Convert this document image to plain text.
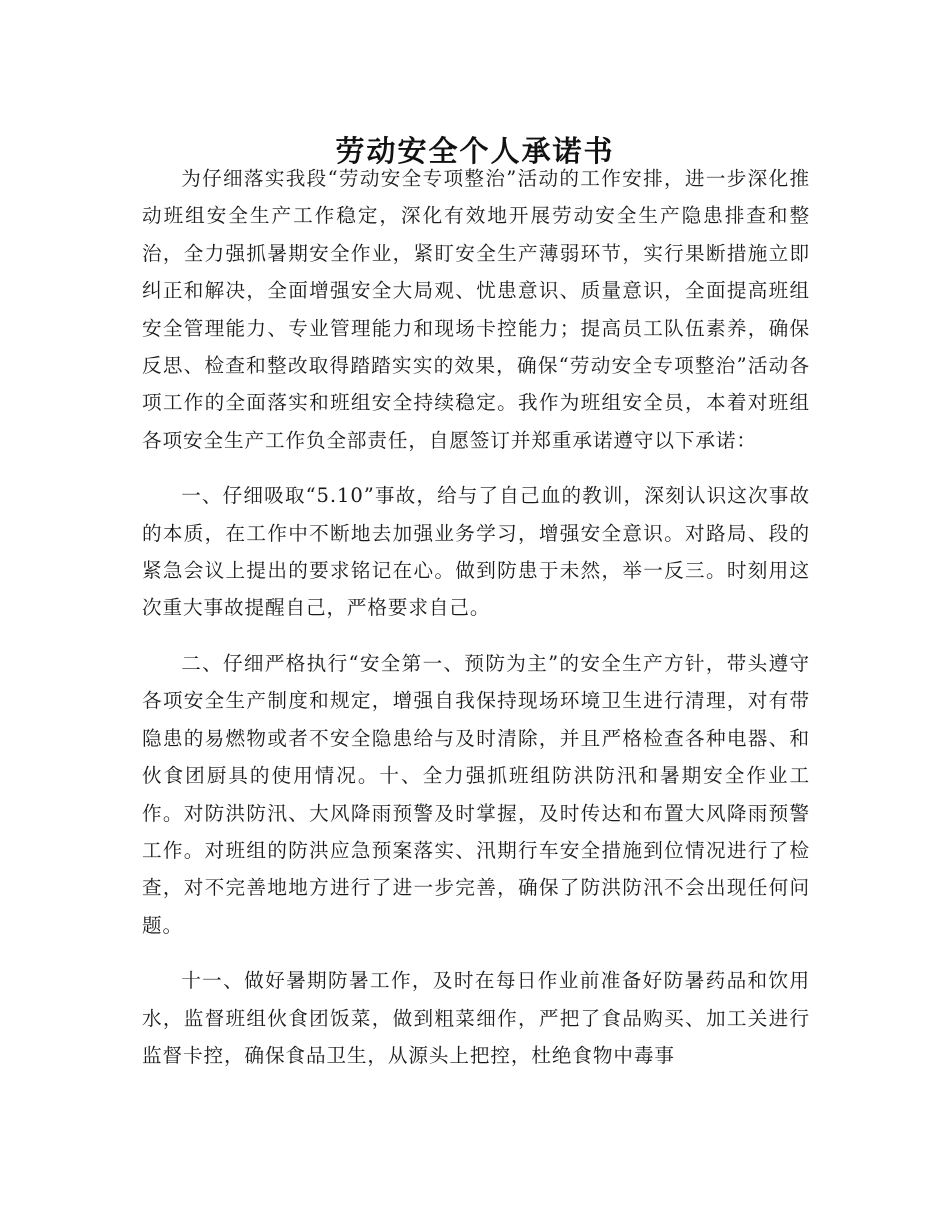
劳动安全个人承诺书

为仔细落实我段“劳动安全专项整治”活动的工作安排，进一步深化推动班组安全生产工作稳定，深化有效地开展劳动安全生产隐患排查和整治，全力强抓暑期安全作业，紧盯安全生产薄弱环节，实行果断措施立即纠正和解决，全面增强安全大局观、忧患意识、质量意识，全面提高班组安全管理能力、专业管理能力和现场卡控能力；提高员工队伍素养，确保反思、检查和整改取得踏踏实实的效果，确保“劳动安全专项整治”活动各项工作的全面落实和班组安全持续稳定。我作为班组安全员，本着对班组各项安全生产工作负全部责任，自愿签订并郑重承诺遵守以下承诺：

一、仔细吸取“5.10”事故，给与了自己血的教训，深刻认识这次事故的本质，在工作中不断地去加强业务学习，增强安全意识。对路局、段的紧急会议上提出的要求铭记在心。做到防患于未然，举一反三。时刻用这次重大事故提醒自己，严格要求自己。

二、仔细严格执行“安全第一、预防为主”的安全生产方针，带头遵守各项安全生产制度和规定，增强自我保持现场环境卫生进行清理，对有带隐患的易燃物或者不安全隐患给与及时清除，并且严格检查各种电器、和伙食团厨具的使用情况。十、全力强抓班组防洪防汛和暑期安全作业工作。对防洪防汛、大风降雨预警及时掌握，及时传达和布置大风降雨预警工作。对班组的防洪应急预案落实、汛期行车安全措施到位情况进行了检查，对不完善地地方进行了进一步完善，确保了防洪防汛不会出现任何问题。

十一、做好暑期防暑工作，及时在每日作业前准备好防暑药品和饮用水，监督班组伙食团饭菜，做到粗菜细作，严把了食品购买、加工关进行监督卡控，确保食品卫生，从源头上把控，杜绝食物中毒事
